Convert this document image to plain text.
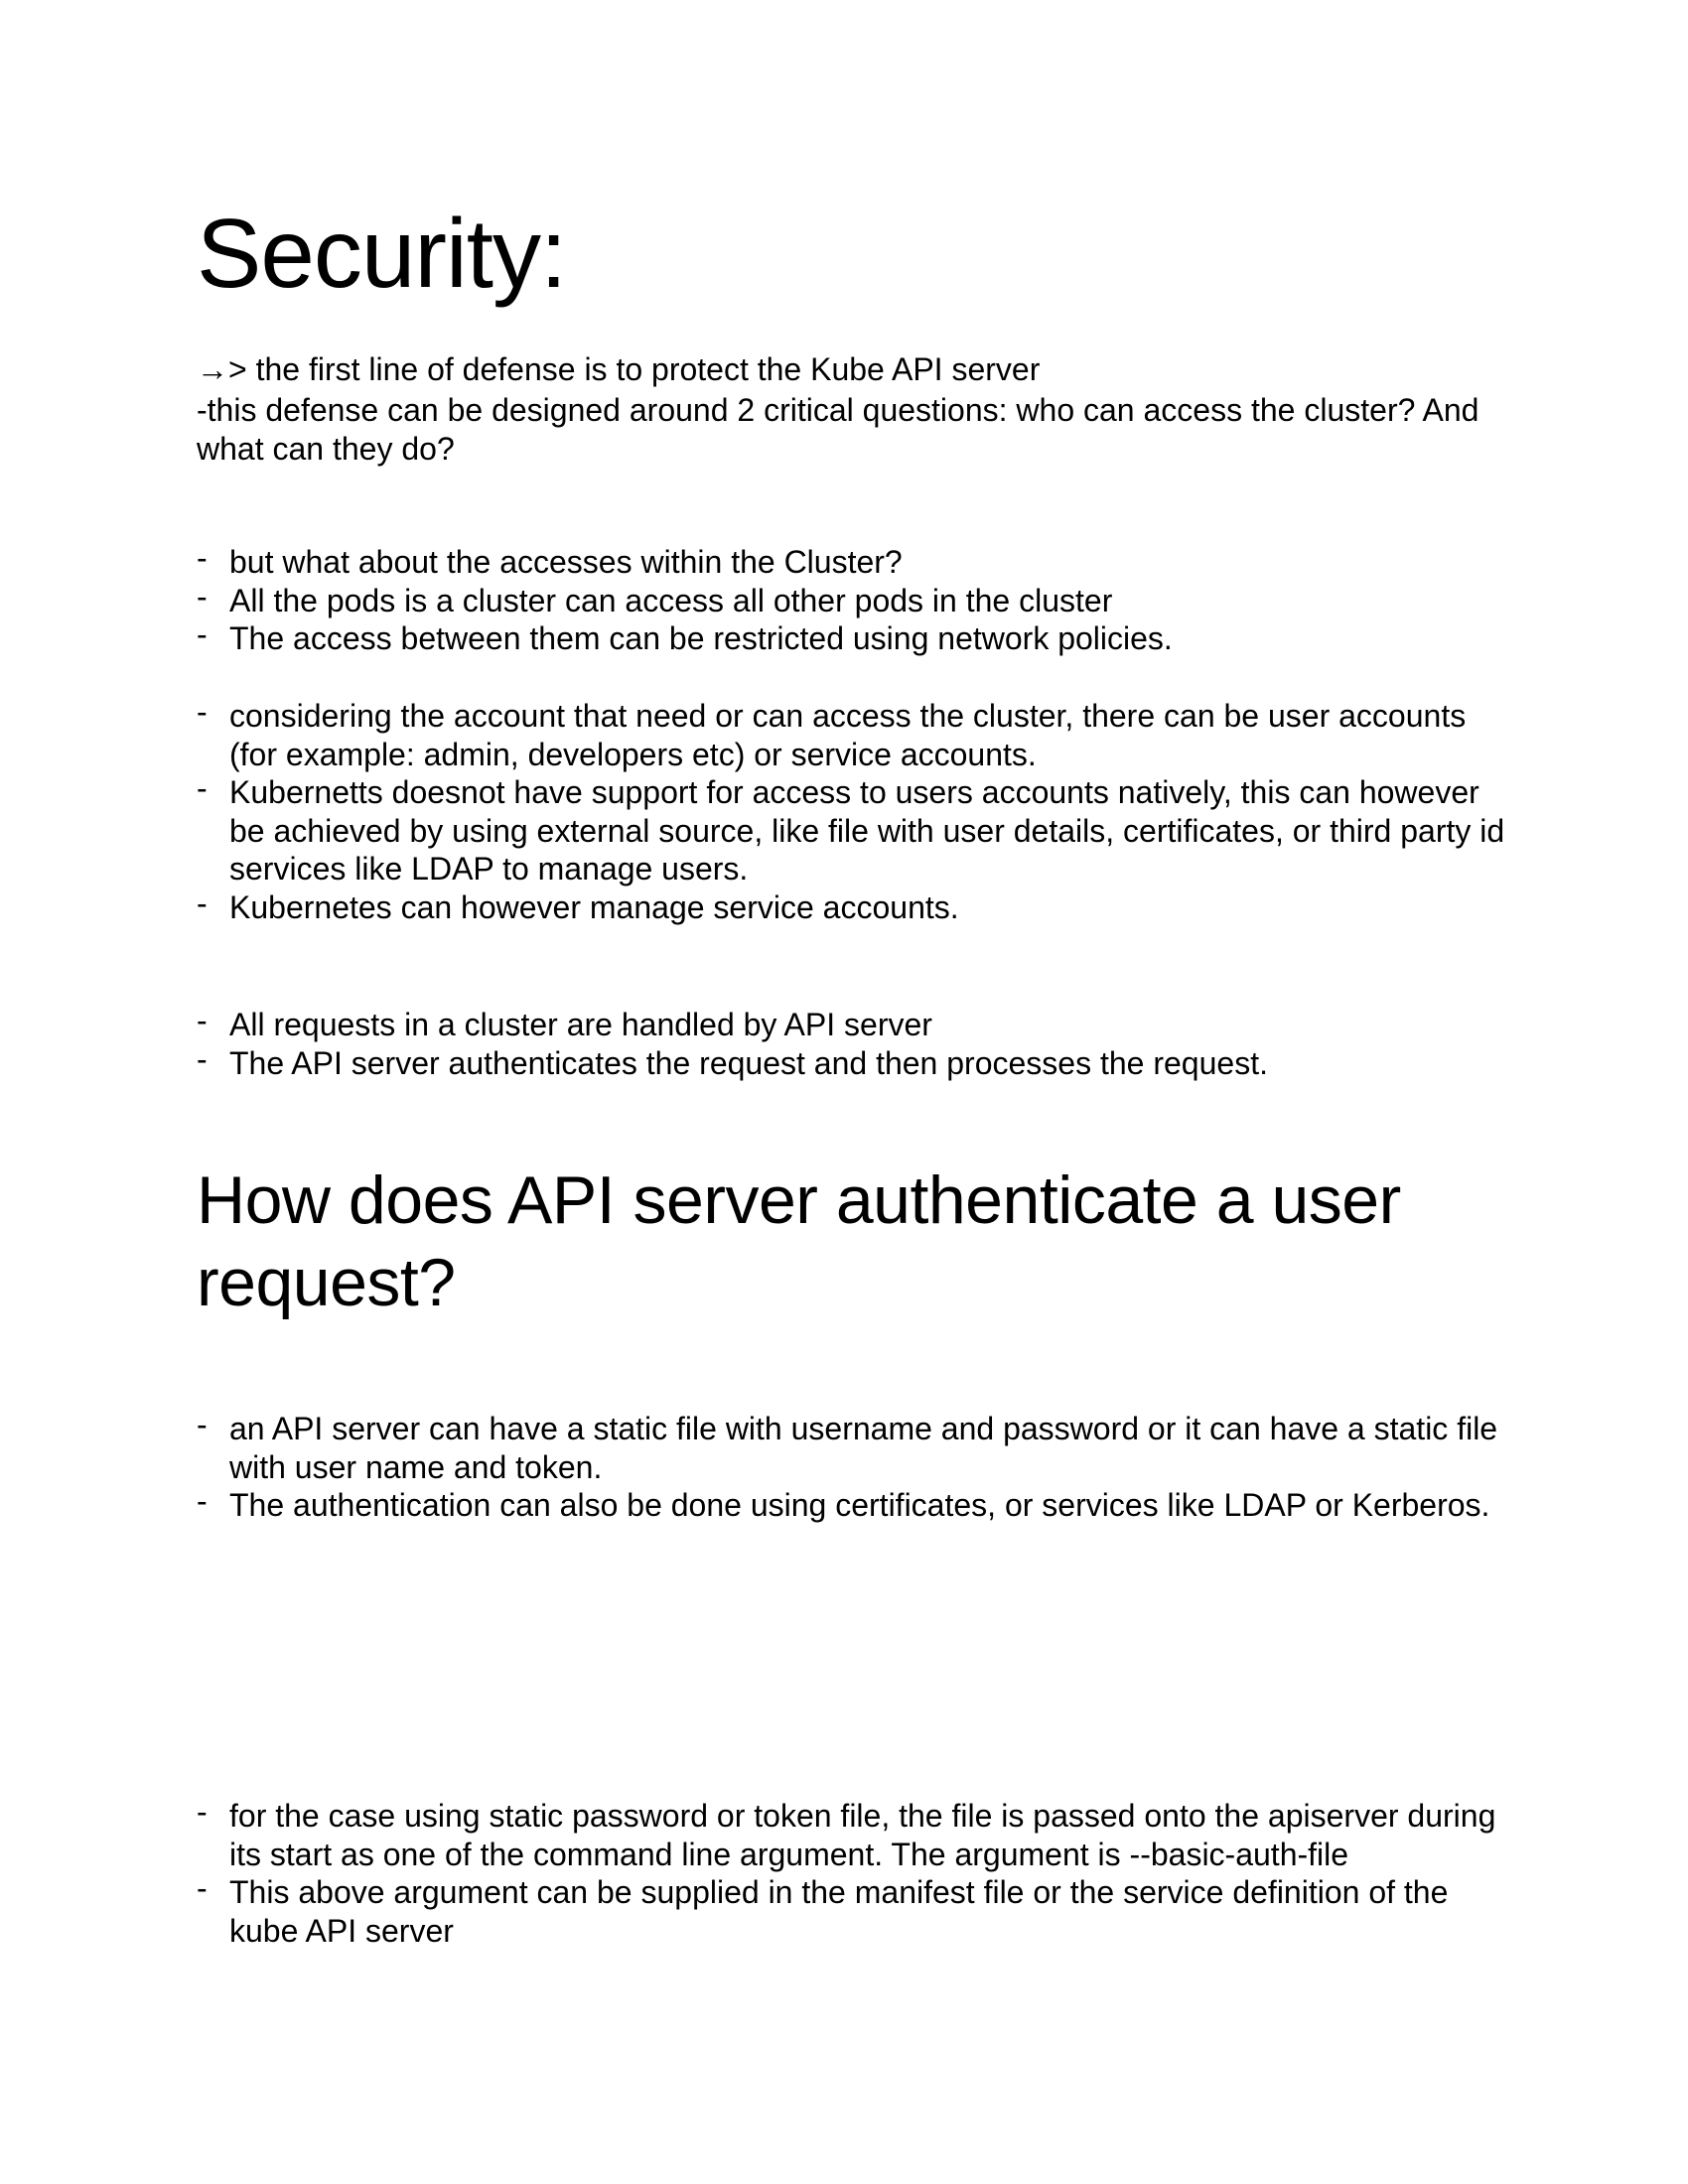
Security:

→> the first line of defense is to protect the Kube API server

-this defense can be designed around 2 critical questions: who can access the cluster? And what can they do?

- but what about the accesses within the Cluster?
- All the pods is a cluster can access all other pods in the cluster
- The access between them can be restricted using network policies.
- considering the account that need or can access the cluster, there can be user accounts (for example: admin, developers etc) or service accounts.
- Kubernetts doesnot have support for access to users accounts natively, this can however be achieved by using external source, like file with user details, certificates, or third party id services like LDAP to manage users.
- Kubernetes can however manage service accounts.
- All requests in a cluster are handled by API server
- The API server authenticates the request and then processes the request.
How does API server authenticate a user request?
- an API server can have a static file with username and password or it can have a static file with user name and token.
- The authentication can also be done using certificates, or services like LDAP or Kerberos.
- for the case using static password or token file, the file is passed onto the apiserver during its start as one of the command line argument. The argument is --basic-auth-file
- This above argument can be supplied in the manifest file or the service definition of the kube API server
